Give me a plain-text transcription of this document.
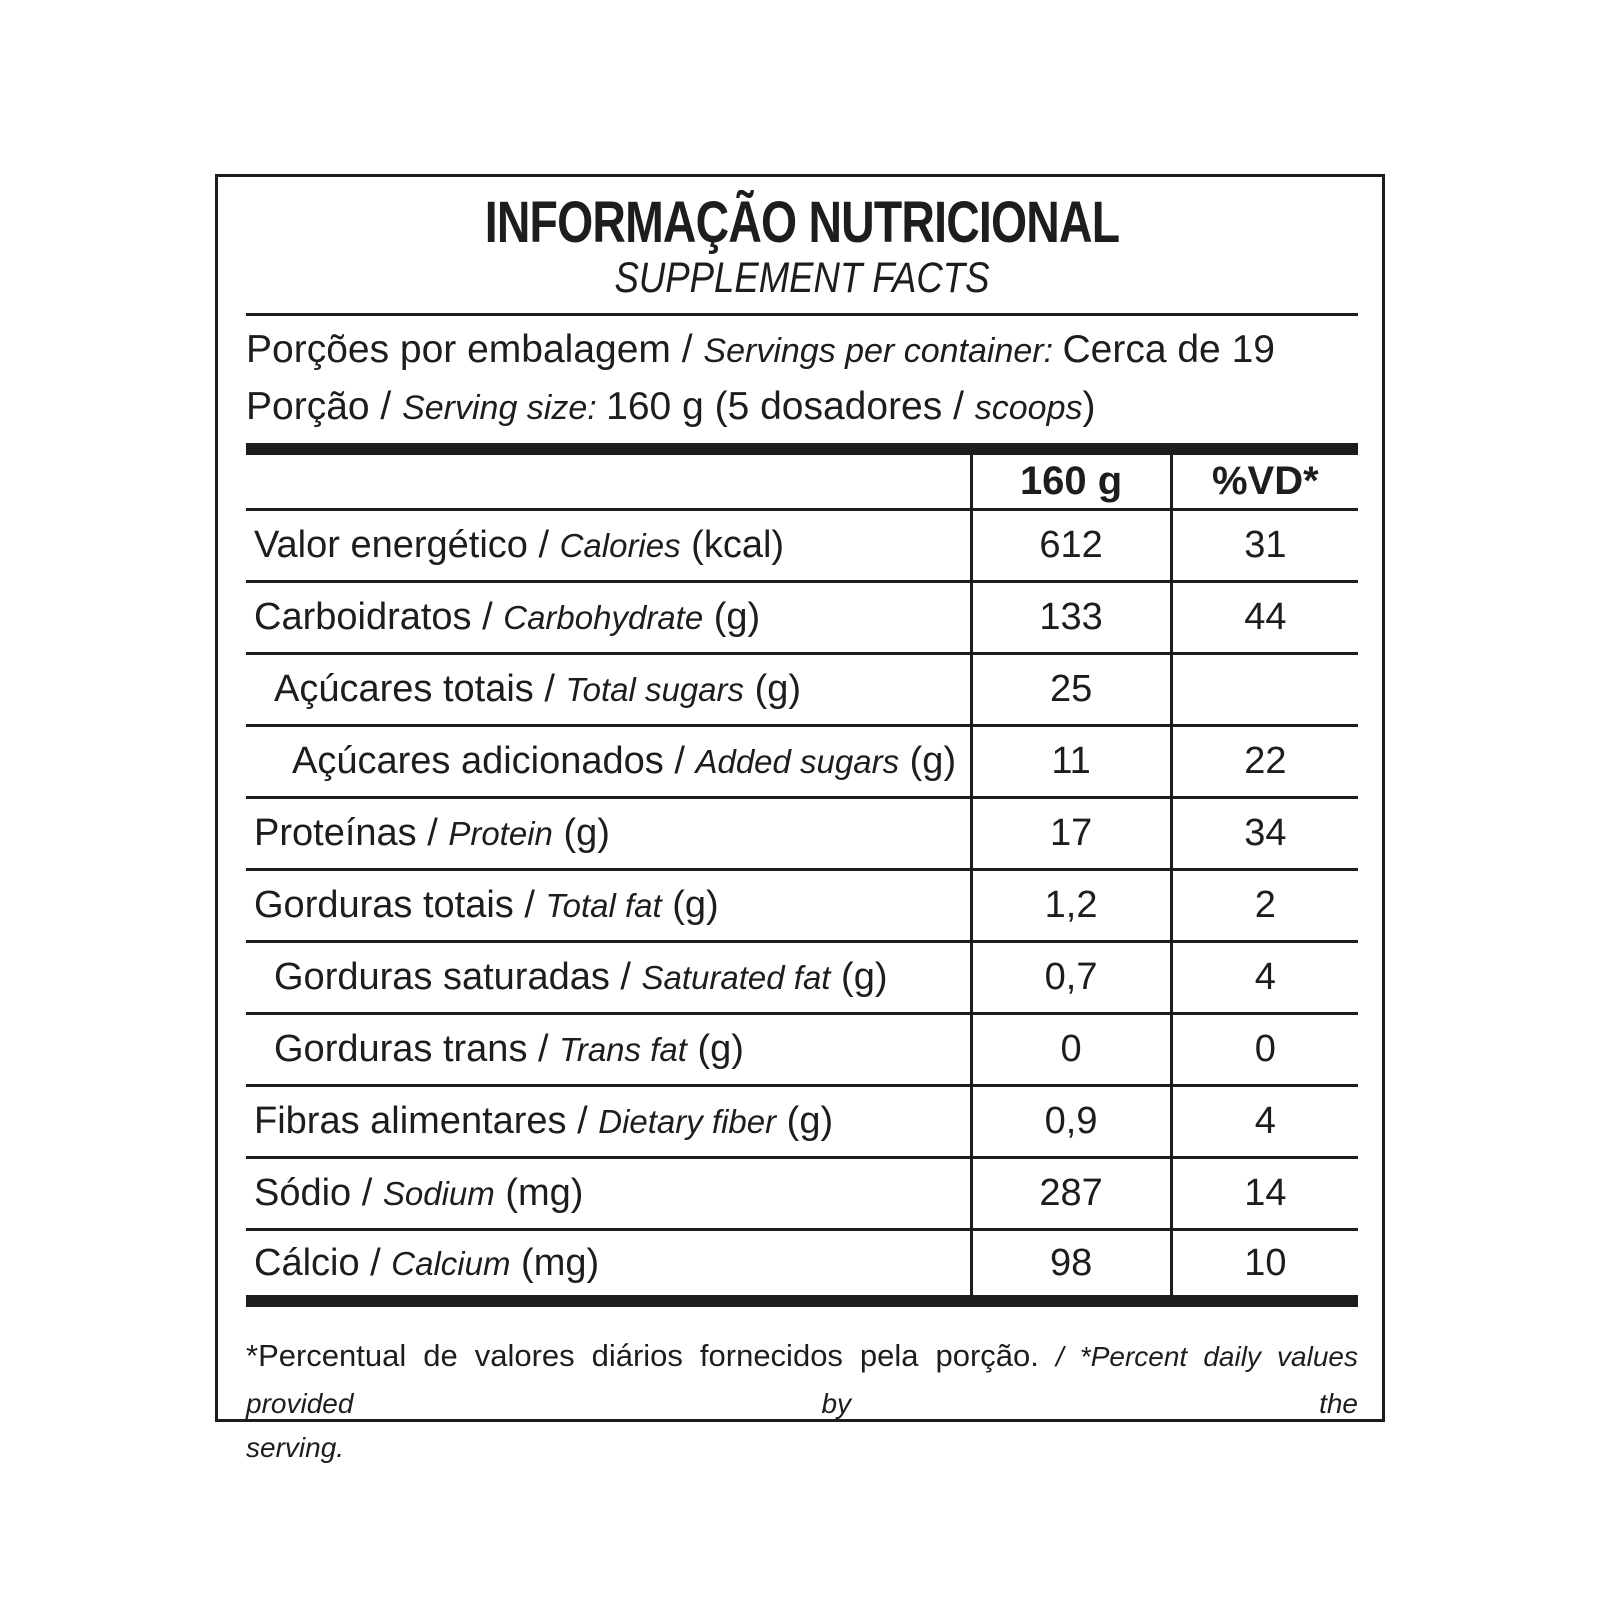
INFORMAÇÃO NUTRICIONAL
SUPPLEMENT FACTS
Porções por embalagem / Servings per container: Cerca de 19
Porção / Serving size: 160 g (5 dosadores / scoops)
	160 g	%VD*
Valor energético / Calories (kcal)	612	31
Carboidratos / Carbohydrate (g)	133	44
Açúcares totais / Total sugars (g)	25	
Açúcares adicionados / Added sugars (g)	11	22
Proteínas / Protein (g)	17	34
Gorduras totais / Total fat (g)	1,2	2
Gorduras saturadas / Saturated fat (g)	0,7	4
Gorduras trans / Trans fat (g)	0	0
Fibras alimentares / Dietary fiber (g)	0,9	4
Sódio / Sodium (mg)	287	14
Cálcio / Calcium (mg)	98	10
*Percentual de valores diários fornecidos pela porção. / *Percent daily values provided by the
serving.
